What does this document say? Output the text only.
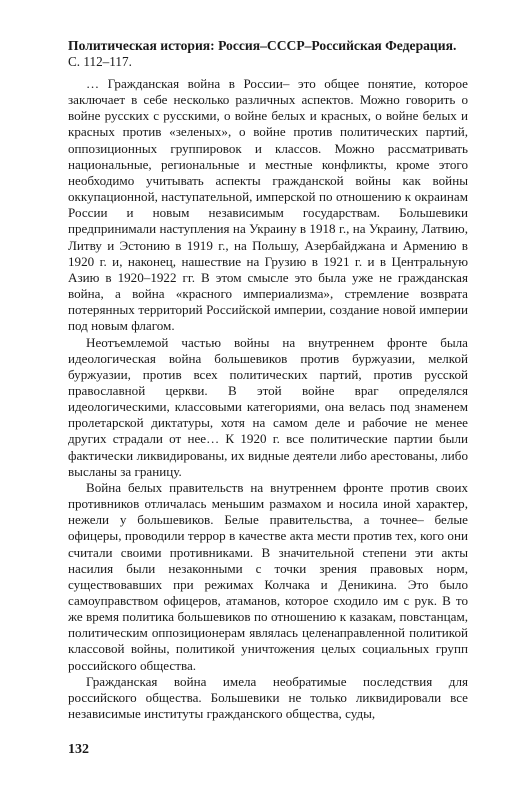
Политическая история: Россия–СССР–Российская Федерация.

С. 112–117.

… Гражданская война в России– это общее понятие, которое заключает в себе несколько различных аспектов. Можно говорить о войне русских с русскими, о войне белых и красных, о войне белых и красных против «зеленых», о войне против политических партий, оппозиционных группировок и классов. Можно рассматривать национальные, региональные и местные конфликты, кроме этого необходимо учитывать аспекты гражданской войны как войны оккупационной, наступательной, имперской по отношению к окраинам России и новым независимым государствам. Большевики предпринимали наступления на Украину в 1918 г., на Украину, Латвию, Литву и Эстонию в 1919 г., на Польшу, Азербайджана и Армению в 1920 г. и, наконец, нашествие на Грузию в 1921 г. и в Центральную Азию в 1920–1922 гг. В этом смысле это была уже не гражданская война, а война «красного империализма», стремление возврата потерянных территорий Российской империи, создание новой империи под новым флагом.

Неотъемлемой частью войны на внутреннем фронте была идеологическая война большевиков против буржуазии, мелкой буржуазии, против всех политических партий, против русской православной церкви. В этой войне враг определялся идеологическими, классовыми категориями, она велась под знаменем пролетарской диктатуры, хотя на самом деле и рабочие не менее других страдали от нее… К 1920 г. все политические партии были фактически ликвидированы, их видные деятели либо арестованы, либо высланы за границу.

Война белых правительств на внутреннем фронте против своих противников отличалась меньшим размахом и носила иной характер, нежели у большевиков. Белые правительства, а точнее– белые офицеры, проводили террор в качестве акта мести против тех, кого они считали своими противниками. В значительной степени эти акты насилия были незаконными с точки зрения правовых норм, существовавших при режимах Колчака и Деникина. Это было самоуправством офицеров, атаманов, которое сходило им с рук. В то же время политика большевиков по отношению к казакам, повстанцам, политическим оппозиционерам являлась целенаправленной политикой классовой войны, политикой уничтожения целых социальных групп российского общества.

Гражданская война имела необратимые последствия для российского общества. Большевики не только ликвидировали все независимые институты гражданского общества, суды,

132
